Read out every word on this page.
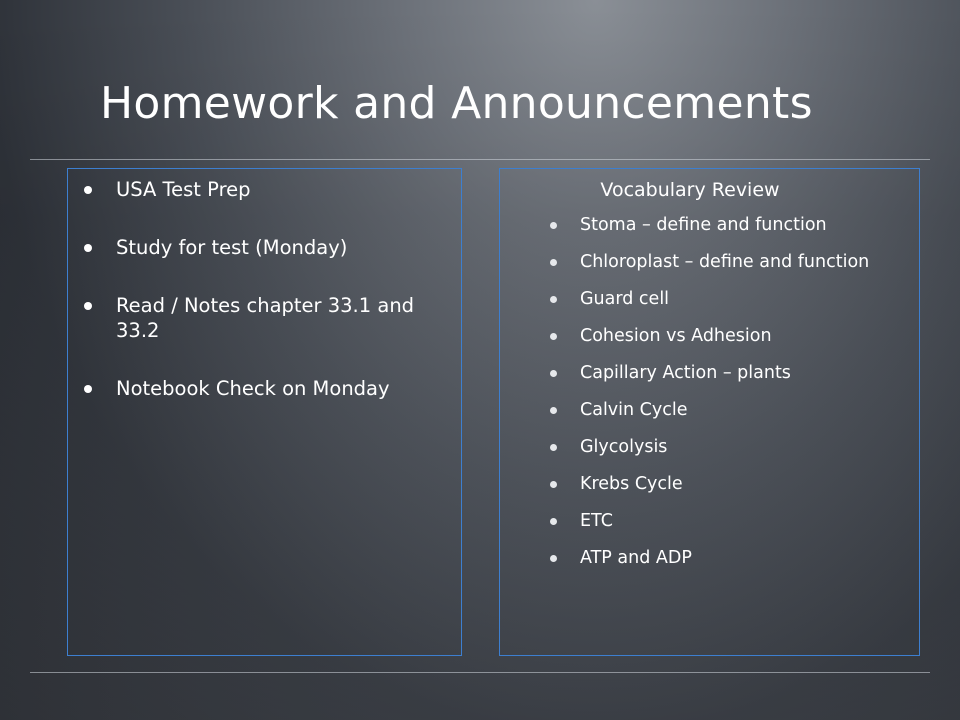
Homework and Announcements
USA Test Prep
Study for test (Monday)
Read / Notes chapter 33.1 and 33.2
Notebook Check on Monday
Vocabulary Review
Stoma – define and function
Chloroplast – define and function
Guard cell
Cohesion vs Adhesion
Capillary Action – plants
Calvin Cycle
Glycolysis
Krebs Cycle
ETC
ATP and ADP
